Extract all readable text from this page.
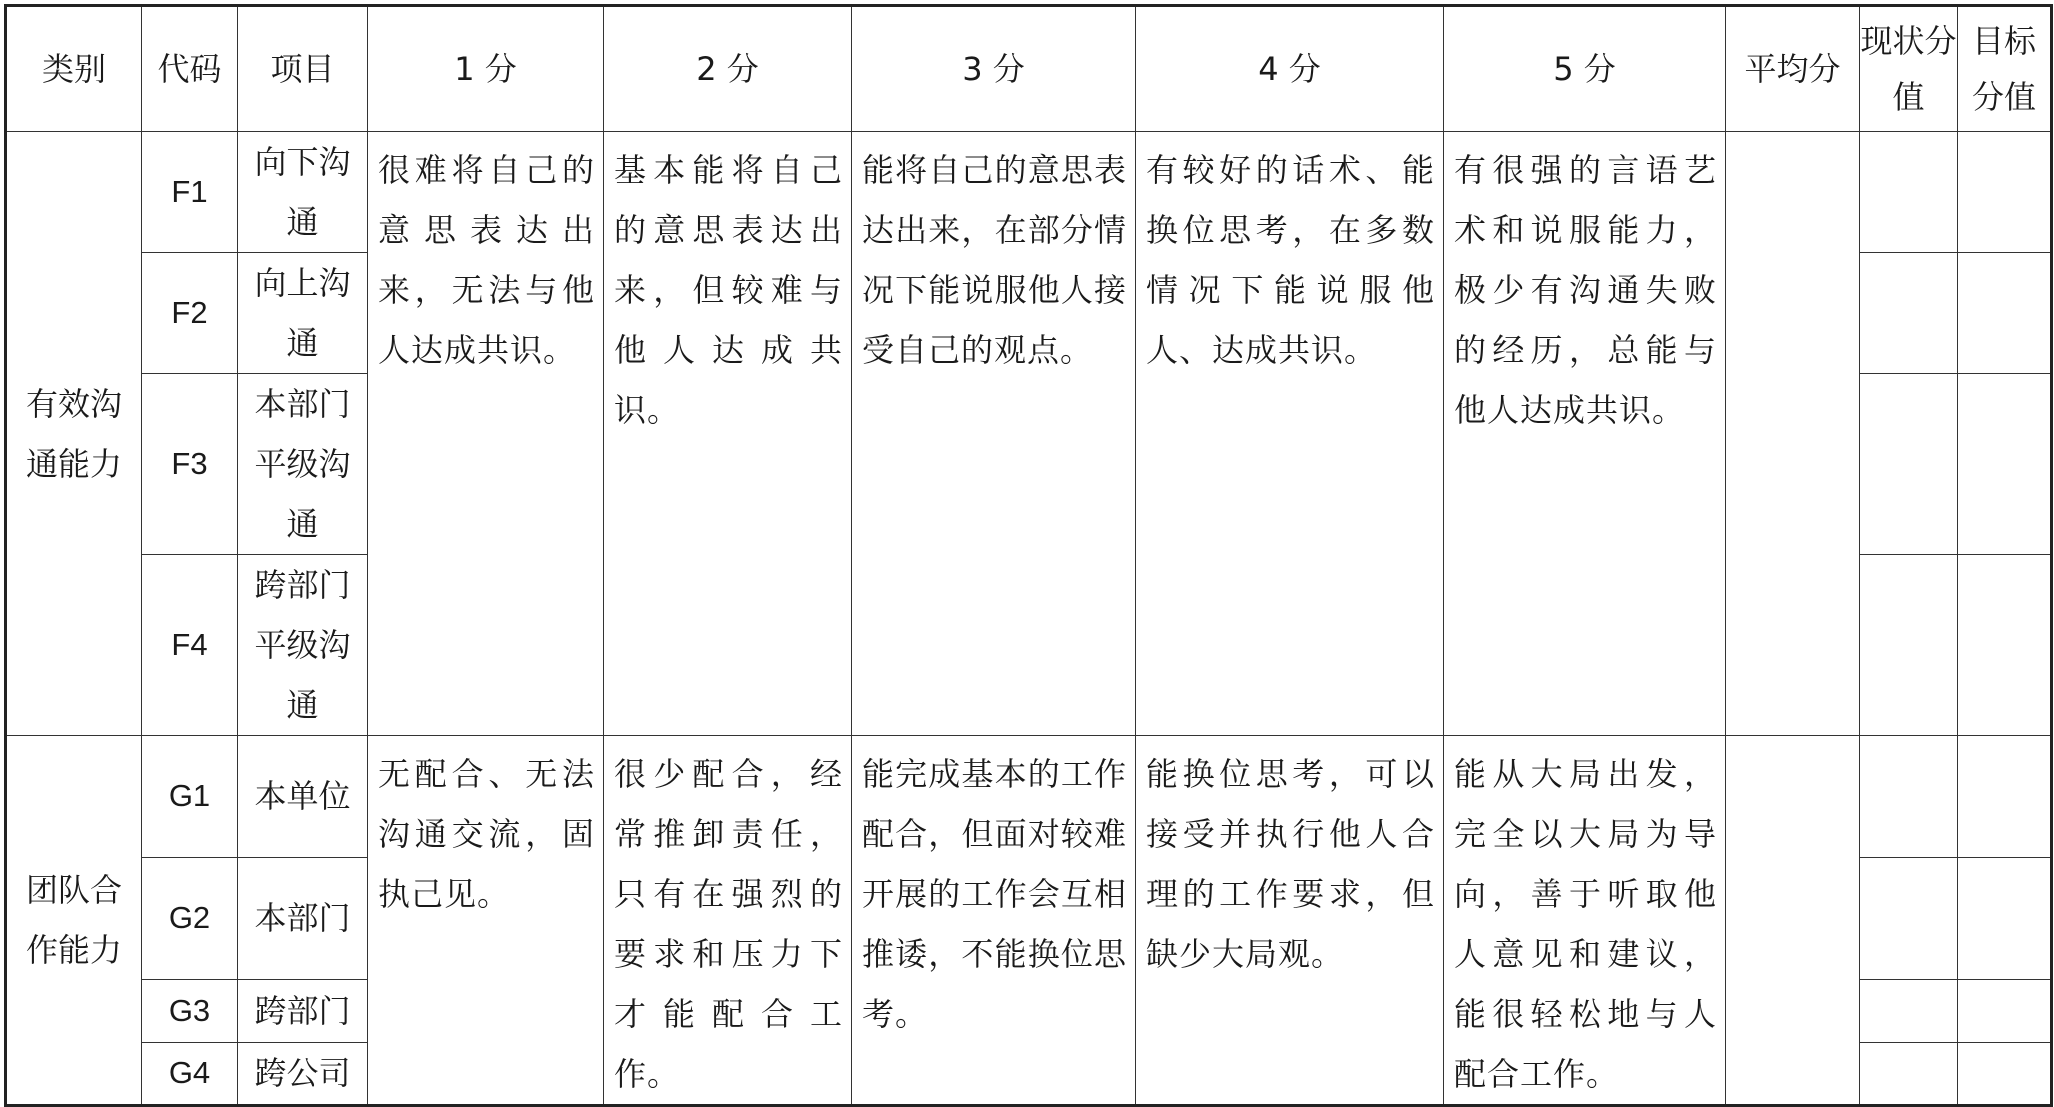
类别	代码	项目	1 分	2 分	3 分	4 分	5 分	平均分	现状分值	目标分值
有效沟通能力	F1	向下沟通	很难将自己的意思表达出来，无法与他人达成共识。	基本能将自己的意思表达出来，但较难与他人达成共识。	能将自己的意思表达出来，在部分情况下能说服他人接受自己的观点。	有较好的话术、能换位思考，在多数情况下能说服他人、达成共识。	有很强的言语艺术和说服能力，极少有沟通失败的经历，总能与他人达成共识。			
	F2	向上沟通								
	F3	本部门平级沟通								
	F4	跨部门平级沟通								
团队合作能力	G1	本单位	无配合、无法沟通交流，固执己见。	很少配合，经常推卸责任，只有在强烈的要求和压力下才能配合工作。	能完成基本的工作配合，但面对较难开展的工作会互相推诿，不能换位思考。	能换位思考，可以接受并执行他人合理的工作要求，但缺少大局观。	能从大局出发，完全以大局为导向，善于听取他人意见和建议，能很轻松地与人配合工作。			
	G2	本部门								
	G3	跨部门								
	G4	跨公司								
